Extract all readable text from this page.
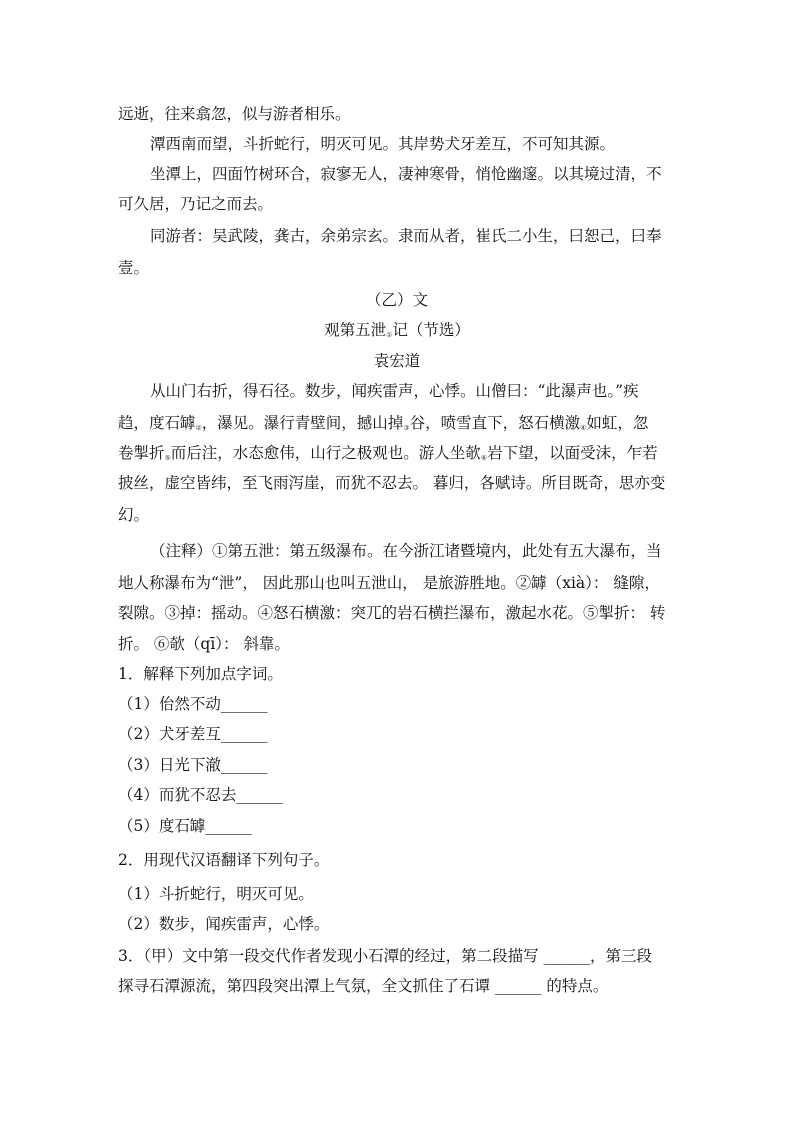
远逝，往来翕忽，似与游者相乐。
潭西南而望，斗折蛇行，明灭可见。其岸势犬牙差互，不可知其源。
坐潭上，四面竹树环合，寂寥无人，凄神寒骨，悄怆幽邃。以其境过清，不
可久居，乃记之而去。
同游者：吴武陵，龚古，余弟宗玄。隶而从者，崔氏二小生，曰恕己，曰奉
壹。
（乙）文
观第五泄$_①$记（节选）
袁宏道
从山门右折，得石径。数步，闻疾雷声，心悸。山僧曰：“此瀑声也。”疾
趋，度石罅$_②$，瀑见。瀑行青壁间，撼山掉$_③$谷，喷雪直下，怒石横激$_④$如虹，忽
卷掣折$_⑤$而后注，水态愈伟，山行之极观也。游人坐欹$_⑥$岩下望，以面受沫，乍若
披丝，虚空皆纬，至飞雨泻崖，而犹不忍去。 暮归，各赋诗。所目既奇，思亦变
幻。
（注释）①第五泄：第五级瀑布。在今浙江诸暨境内，此处有五大瀑布，当
地人称瀑布为“泄”， 因此那山也叫五泄山， 是旅游胜地。②罅（xià）： 缝隙，
裂隙。③掉：摇动。④怒石横激：突兀的岩石横拦瀑布，激起水花。⑤掣折： 转
折。 ⑥欹（qī）： 斜靠。
1．解释下列加点字词。
（1）佁然不动______
（2）犬牙差互______
（3）日光下澈______
（4）而犹不忍去______
（5）度石罅______
2．用现代汉语翻译下列句子。
（1）斗折蛇行，明灭可见。
（2）数步，闻疾雷声，心悸。
3．（甲）文中第一段交代作者发现小石潭的经过，第二段描写 ______，第三段
探寻石潭源流，第四段突出潭上气氛，全文抓住了石谭 ______ 的特点。
